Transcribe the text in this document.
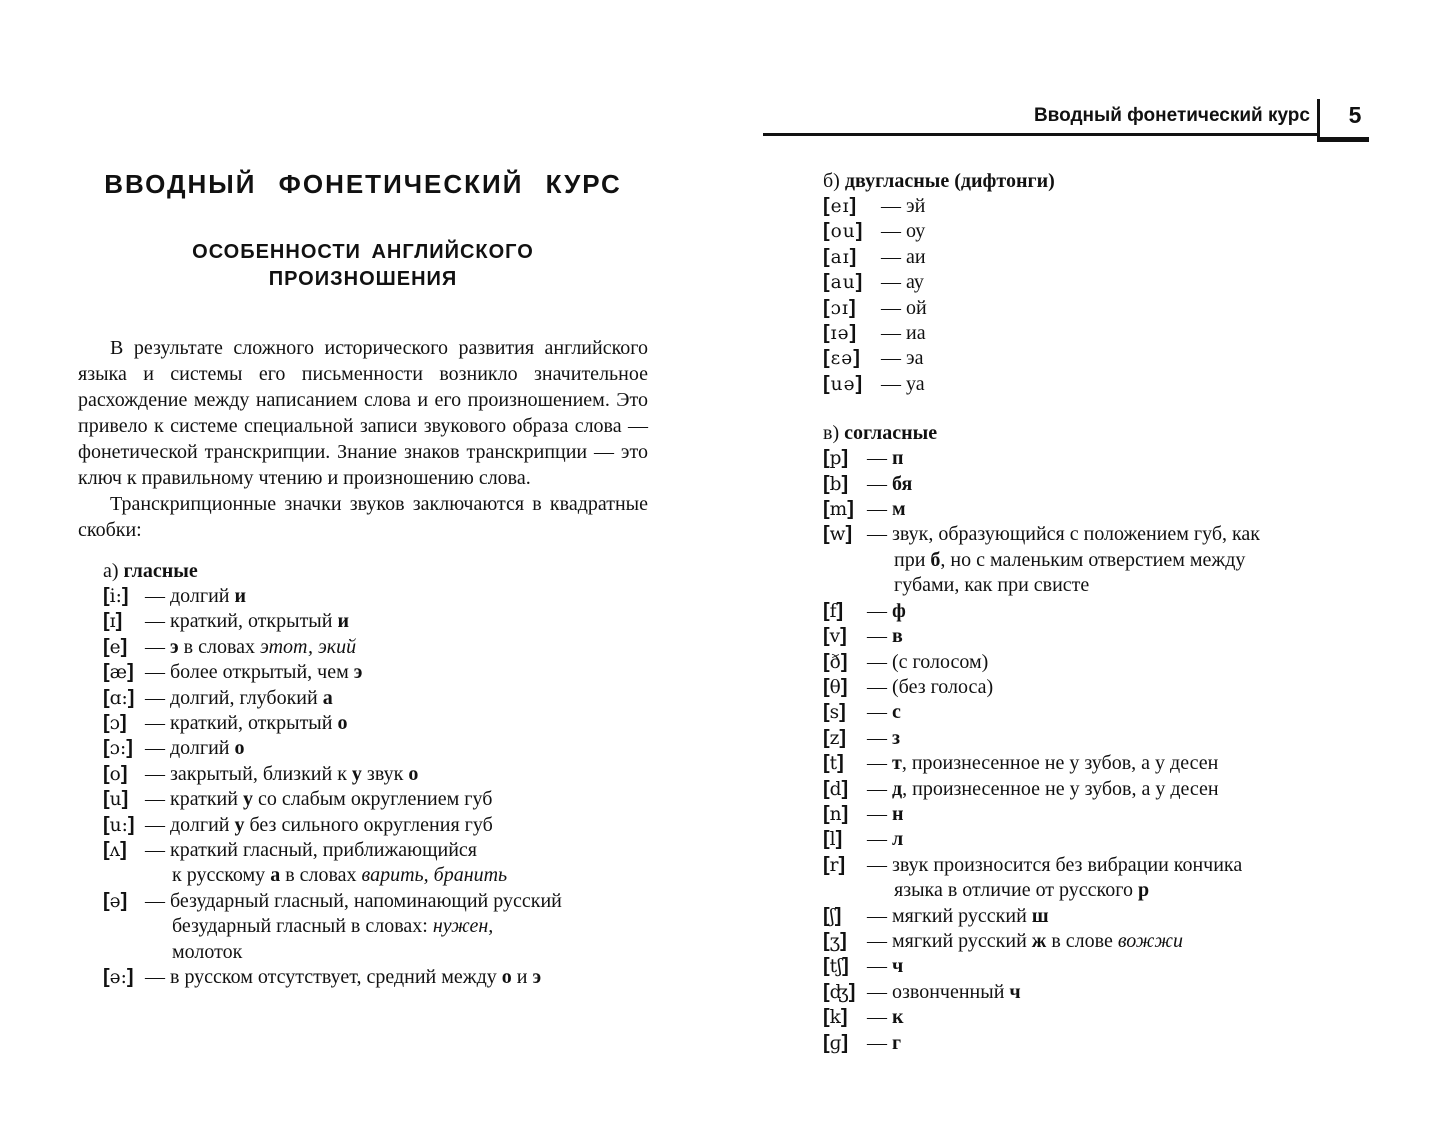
Вводный фонетический курс	5
ВВОДНЫЙ ФОНЕТИЧЕСКИЙ КУРС
ОСОБЕННОСТИ АНГЛИЙСКОГО
ПРОИЗНОШЕНИЯ

В результате сложного исторического развития английского языка и системы его письменности возникло значительное расхождение между написанием слова и его произношением. Это привело к системе специальной записи звукового образа слова — фонетической транскрипции. Знание знаков транскрипции — это ключ к правильному чтению и произношению слова.

Транскрипционные значки звуков заключаются в квадратные скобки:

а) гласные
[i:] — долгий и
[ɪ]	— краткий, открытый и
[e] — э в словах этот, экий
[æ] — более открытый, чем э
[ɑ:] — долгий, глубокий а
[ɔ] — краткий, открытый о
[ɔ:] — долгий о
[o] — закрытый, близкий к у звук о
[u] — краткий у со слабым округлением губ
[u:] — долгий у без сильного округления губ
[ʌ] — краткий гласный, приближающийся
к русскому а в словах варить, бранить
[ə] — безударный гласный, напоминающий русский
безударный гласный в словах: нужен,
молоток
[ə:] — в русском отсутствует, средний между о и э
б) двугласные (дифтонги)
[eɪ]	— эй
[ou] — оу
[aɪ]	— аи
[au] — ау
[ɔɪ]	— ой
[ɪə]	— иа
[ɛə]	— эа
[uə] — уа
в) согласные
[p] — п
[b] — бя
[m] — м
[w] — звук, образующийся с положением губ, как
при б, но с маленьким отверстием между
губами, как при свисте
[f]	— ф
[v]	— в
[ð] — (с голосом)
[θ] — (без голоса)
[s]	— с
[z]	— з
[t]	— т, произнесенное не у зубов, а у десен
[d] — д, произнесенное не у зубов, а у десен
[n] — н
[l]	— л
[r]	— звук произносится без вибрации кончика
языка в отличие от русского р
[ʃ]	— мягкий русский ш
[ʒ]	— мягкий русский ж в слове вожжи
[tʃ] — ч
[ʤ] — озвонченный ч
[k] — к
[ɡ] — г
